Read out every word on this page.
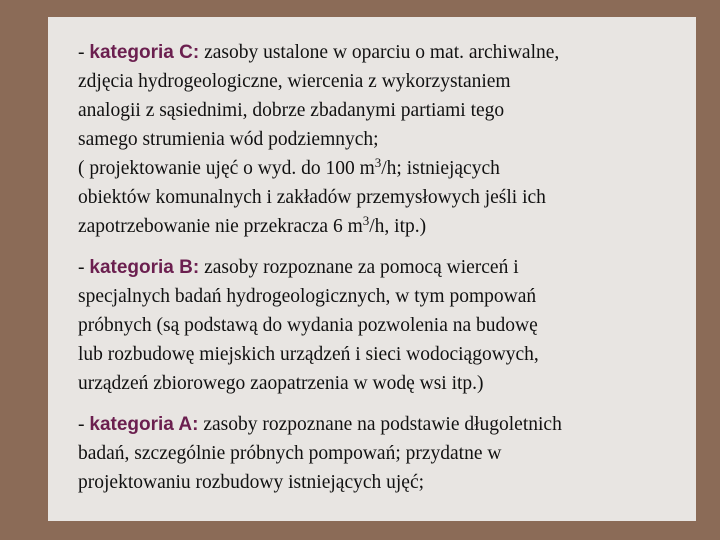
- kategoria C: zasoby ustalone w oparciu o mat. archiwalne,
zdjęcia hydrogeologiczne, wiercenia z wykorzystaniem
analogii z sąsiednimi, dobrze zbadanymi partiami tego
samego strumienia wód podziemnych;
( projektowanie ujęć o wyd. do 100 $m^3/h$; istniejących
obiektów komunalnych i zakładów przemysłowych jeśli ich
zapotrzebowanie nie przekracza 6 $m^3/h$, itp.)
- kategoria B: zasoby rozpoznane za pomocą wierceń i
specjalnych badań hydrogeologicznych, w tym pompowań
próbnych (są podstawą do wydania pozwolenia na budowę
lub rozbudowę miejskich urządzeń i sieci wodociągowych,
urządzeń zbiorowego zaopatrzenia w wodę wsi itp.)
- kategoria A: zasoby rozpoznane na podstawie długoletnich
badań, szczególnie próbnych pompowań; przydatne w
projektowaniu rozbudowy istniejących ujęć;
